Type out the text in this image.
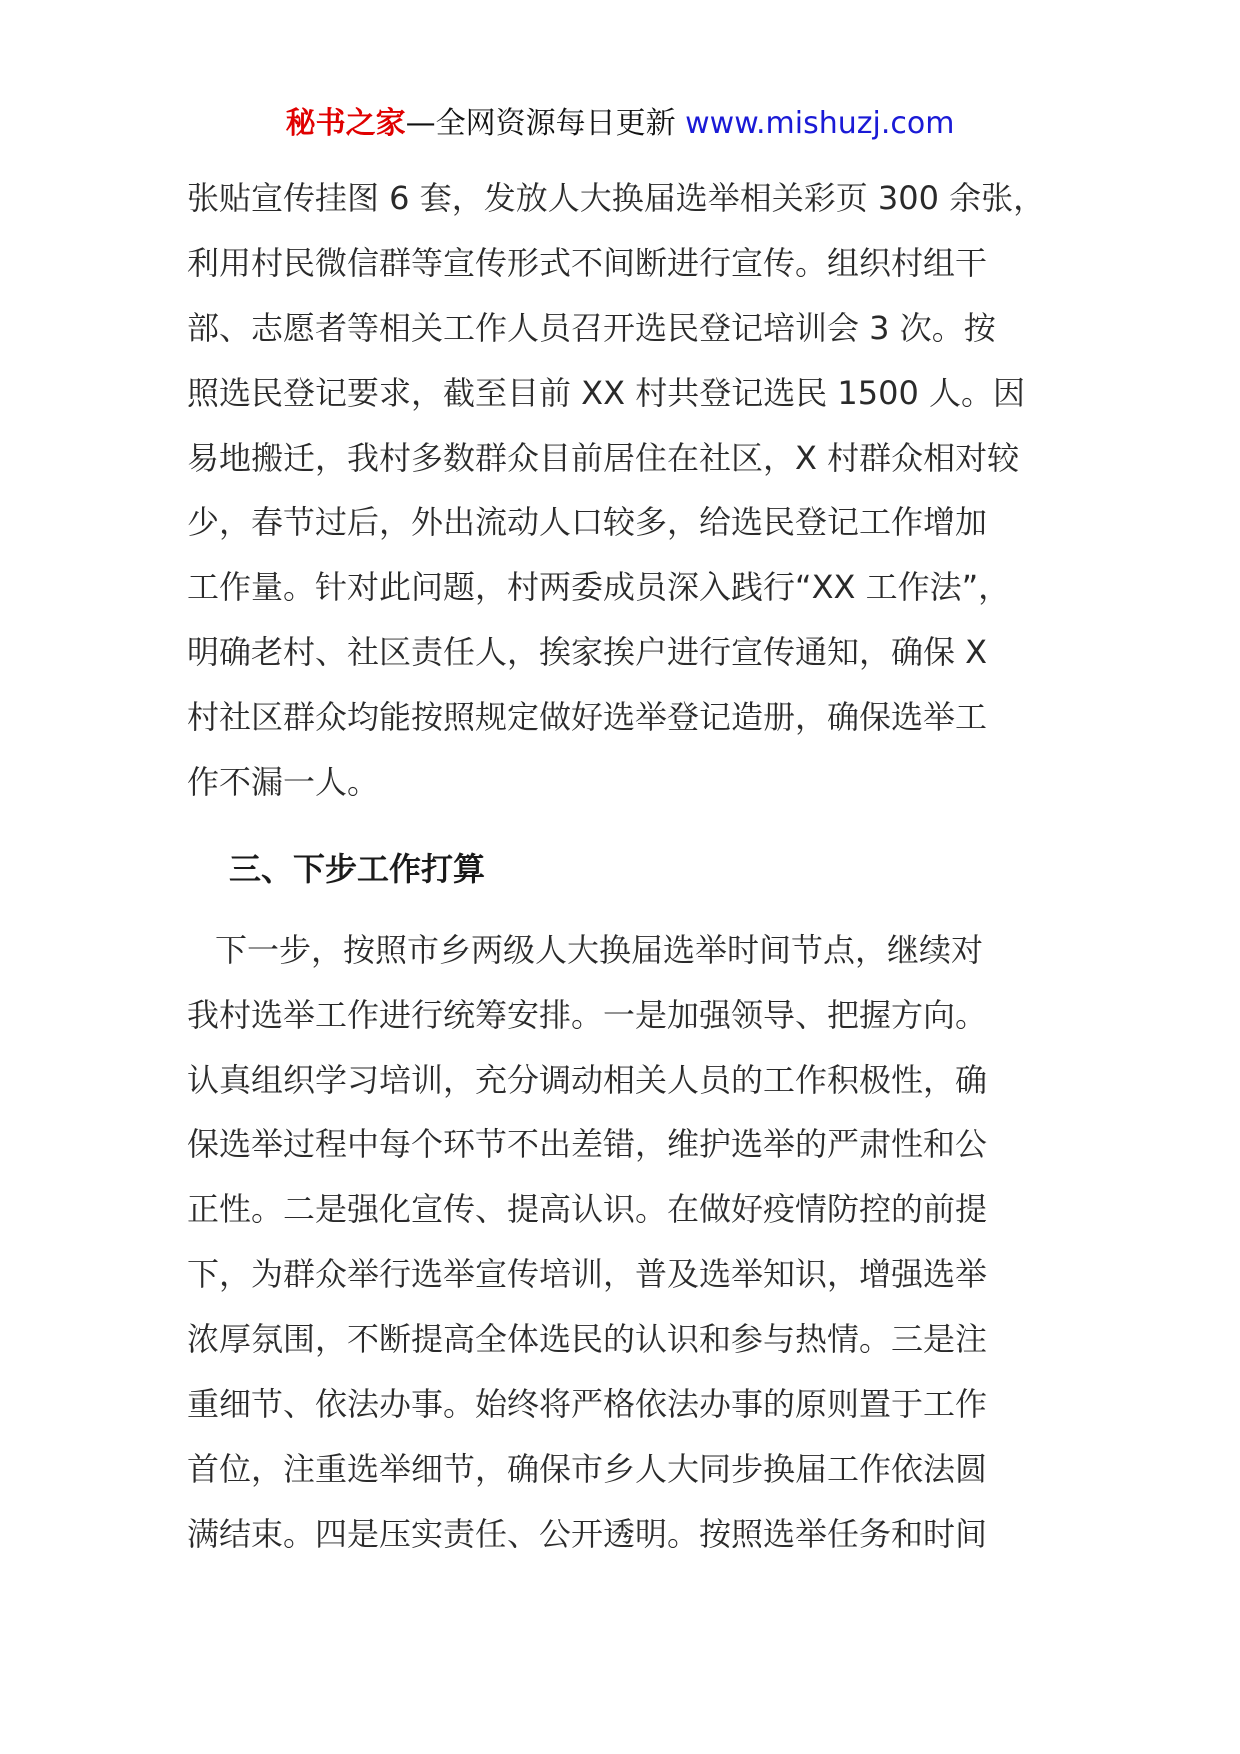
秘书之家—全网资源每日更新 www.mishuzj.com
张贴宣传挂图 6 套，发放人大换届选举相关彩页 300 余张，
利用村民微信群等宣传形式不间断进行宣传。组织村组干
部、志愿者等相关工作人员召开选民登记培训会 3 次。按
照选民登记要求，截至目前 XX 村共登记选民 1500 人。因
易地搬迁，我村多数群众目前居住在社区，X 村群众相对较
少，春节过后，外出流动人口较多，给选民登记工作增加
工作量。针对此问题，村两委成员深入践行“XX 工作法”，
明确老村、社区责任人，挨家挨户进行宣传通知，确保 X
村社区群众均能按照规定做好选举登记造册，确保选举工
作不漏一人。
三、下步工作打算
下一步，按照市乡两级人大换届选举时间节点，继续对
我村选举工作进行统筹安排。一是加强领导、把握方向。
认真组织学习培训，充分调动相关人员的工作积极性，确
保选举过程中每个环节不出差错，维护选举的严肃性和公
正性。二是强化宣传、提高认识。在做好疫情防控的前提
下，为群众举行选举宣传培训，普及选举知识，增强选举
浓厚氛围，不断提高全体选民的认识和参与热情。三是注
重细节、依法办事。始终将严格依法办事的原则置于工作
首位，注重选举细节，确保市乡人大同步换届工作依法圆
满结束。四是压实责任、公开透明。按照选举任务和时间
